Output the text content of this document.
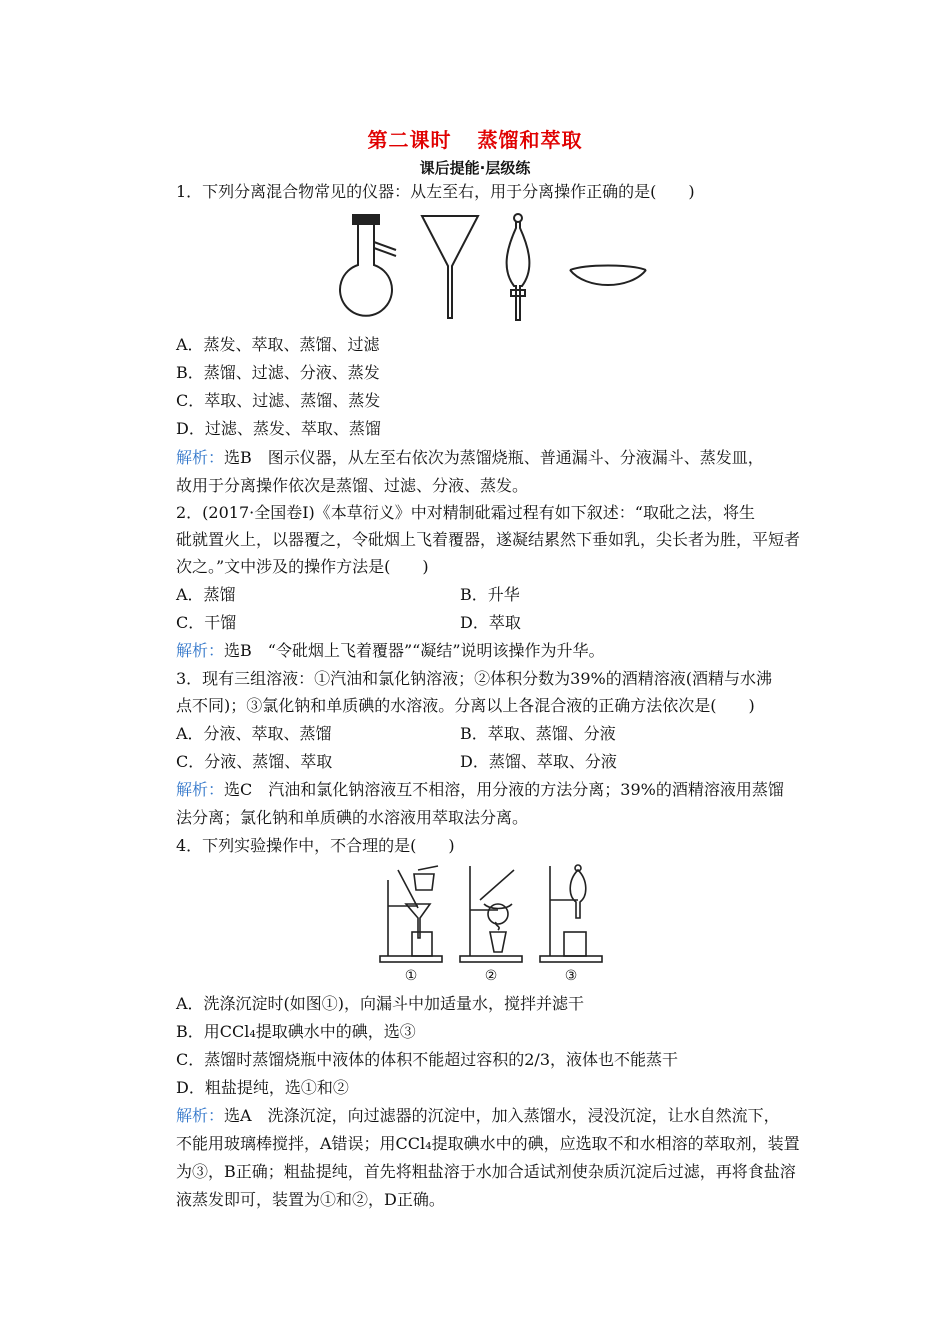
第二课时 蒸馏和萃取
课后提能·层级练
1．下列分离混合物常见的仪器：从左至右，用于分离操作正确的是(　　)
A．蒸发、萃取、蒸馏、过滤
B．蒸馏、过滤、分液、蒸发
C．萃取、过滤、蒸馏、蒸发
D．过滤、蒸发、萃取、蒸馏
解析：选B　图示仪器，从左至右依次为蒸馏烧瓶、普通漏斗、分液漏斗、蒸发皿，
故用于分离操作依次是蒸馏、过滤、分液、蒸发。
2．(2017·全国卷Ⅰ)《本草衍义》中对精制砒霜过程有如下叙述：“取砒之法，将生
砒就置火上，以器覆之，令砒烟上飞着覆器，遂凝结累然下垂如乳，尖长者为胜，平短者
次之。”文中涉及的操作方法是(　　)
A．蒸馏	B．升华
C．干馏	D．萃取
解析：选B　“令砒烟上飞着覆器”“凝结”说明该操作为升华。
3．现有三组溶液：①汽油和氯化钠溶液；②体积分数为39%的酒精溶液(酒精与水沸
点不同)；③氯化钠和单质碘的水溶液。分离以上各混合液的正确方法依次是(　　)
A．分液、萃取、蒸馏	B．萃取、蒸馏、分液
C．分液、蒸馏、萃取	D．蒸馏、萃取、分液
解析：选C　汽油和氯化钠溶液互不相溶，用分液的方法分离；39%的酒精溶液用蒸馏
法分离；氯化钠和单质碘的水溶液用萃取法分离。
4．下列实验操作中，不合理的是(　　)
①	②	③
A．洗涤沉淀时(如图①)，向漏斗中加适量水，搅拌并滤干
B．用CCl₄提取碘水中的碘，选③
C．蒸馏时蒸馏烧瓶中液体的体积不能超过容积的2/3，液体也不能蒸干
D．粗盐提纯，选①和②
解析：选A　洗涤沉淀，向过滤器的沉淀中，加入蒸馏水，浸没沉淀，让水自然流下，
不能用玻璃棒搅拌，A错误；用CCl₄提取碘水中的碘，应选取不和水相溶的萃取剂，装置
为③，B正确；粗盐提纯，首先将粗盐溶于水加合适试剂使杂质沉淀后过滤，再将食盐溶
液蒸发即可，装置为①和②，D正确。
